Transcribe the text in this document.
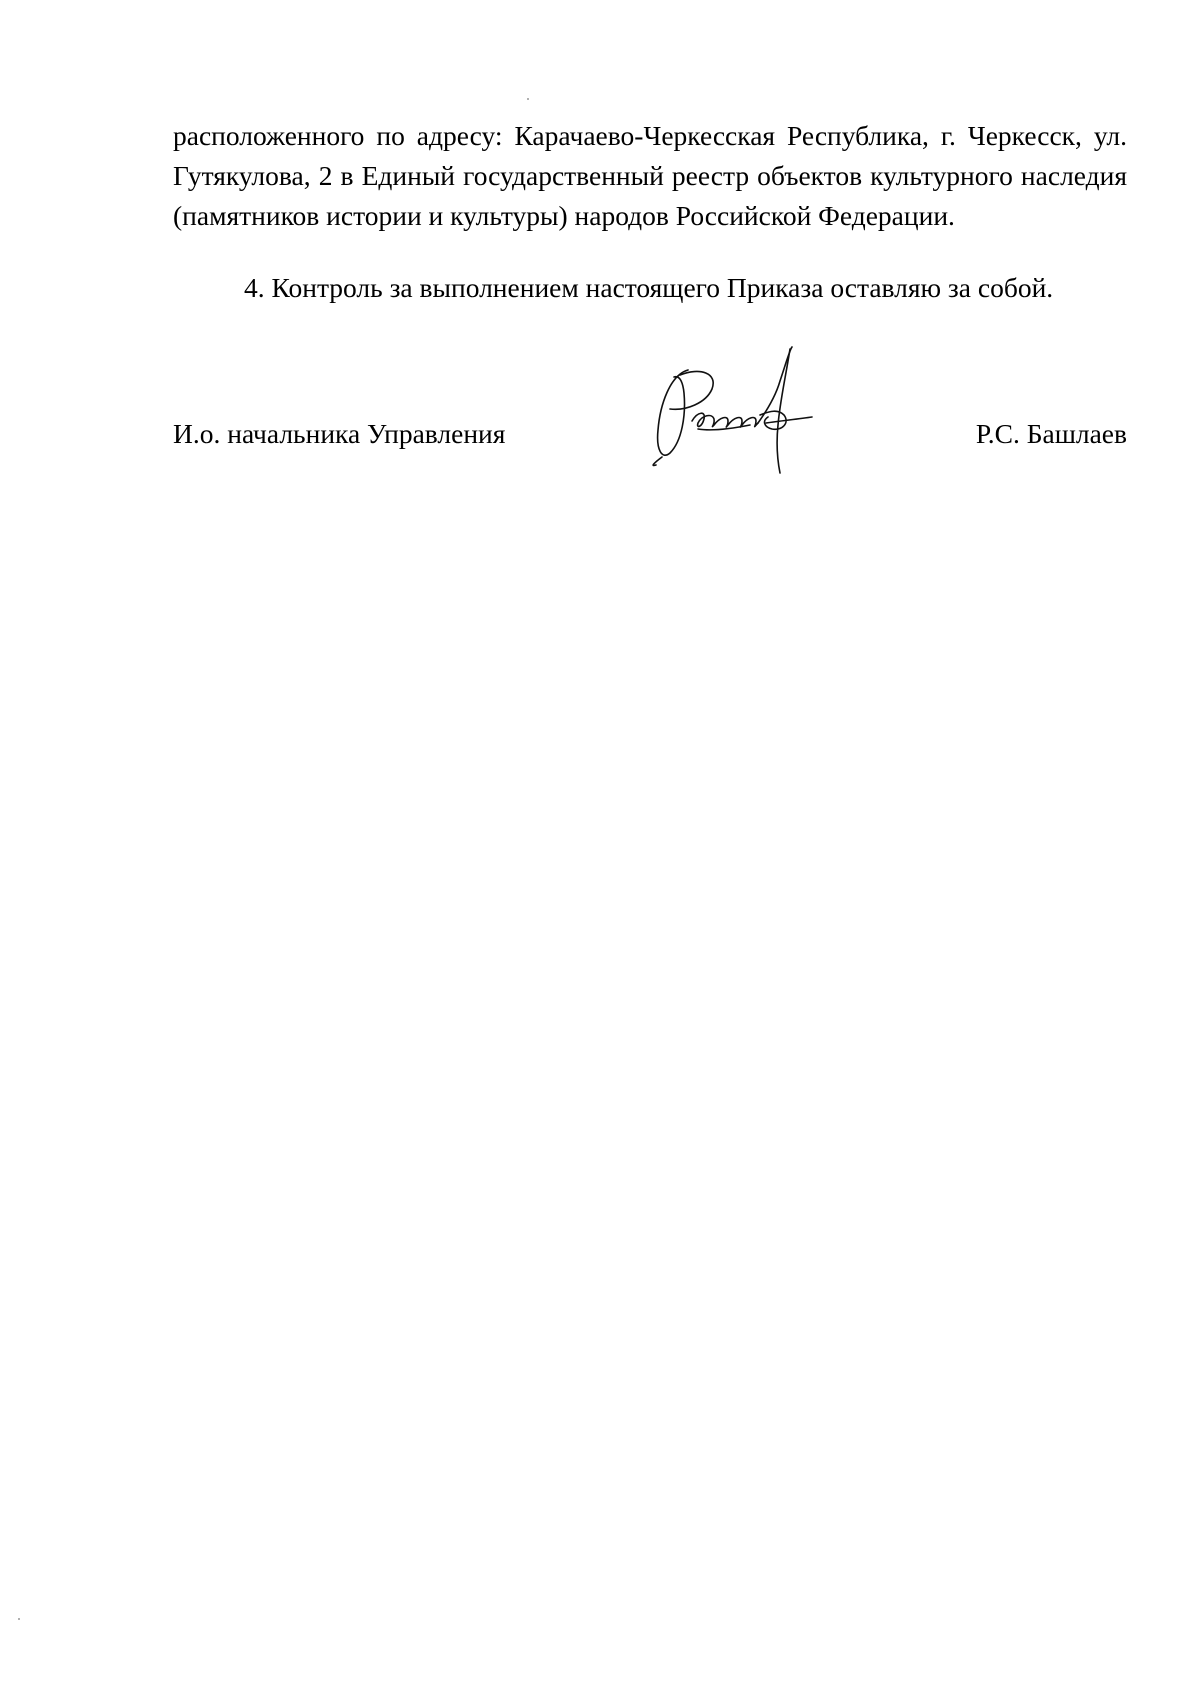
расположенного по адресу: Карачаево-Черкесская Республика, г. Черкесск, ул. Гутякулова, 2 в Единый государственный реестр объектов культурного наследия (памятников истории и культуры) народов Российской Федерации.

4. Контроль за выполнением настоящего Приказа оставляю за собой.

И.о. начальника Управления	Р.С. Башлаев
